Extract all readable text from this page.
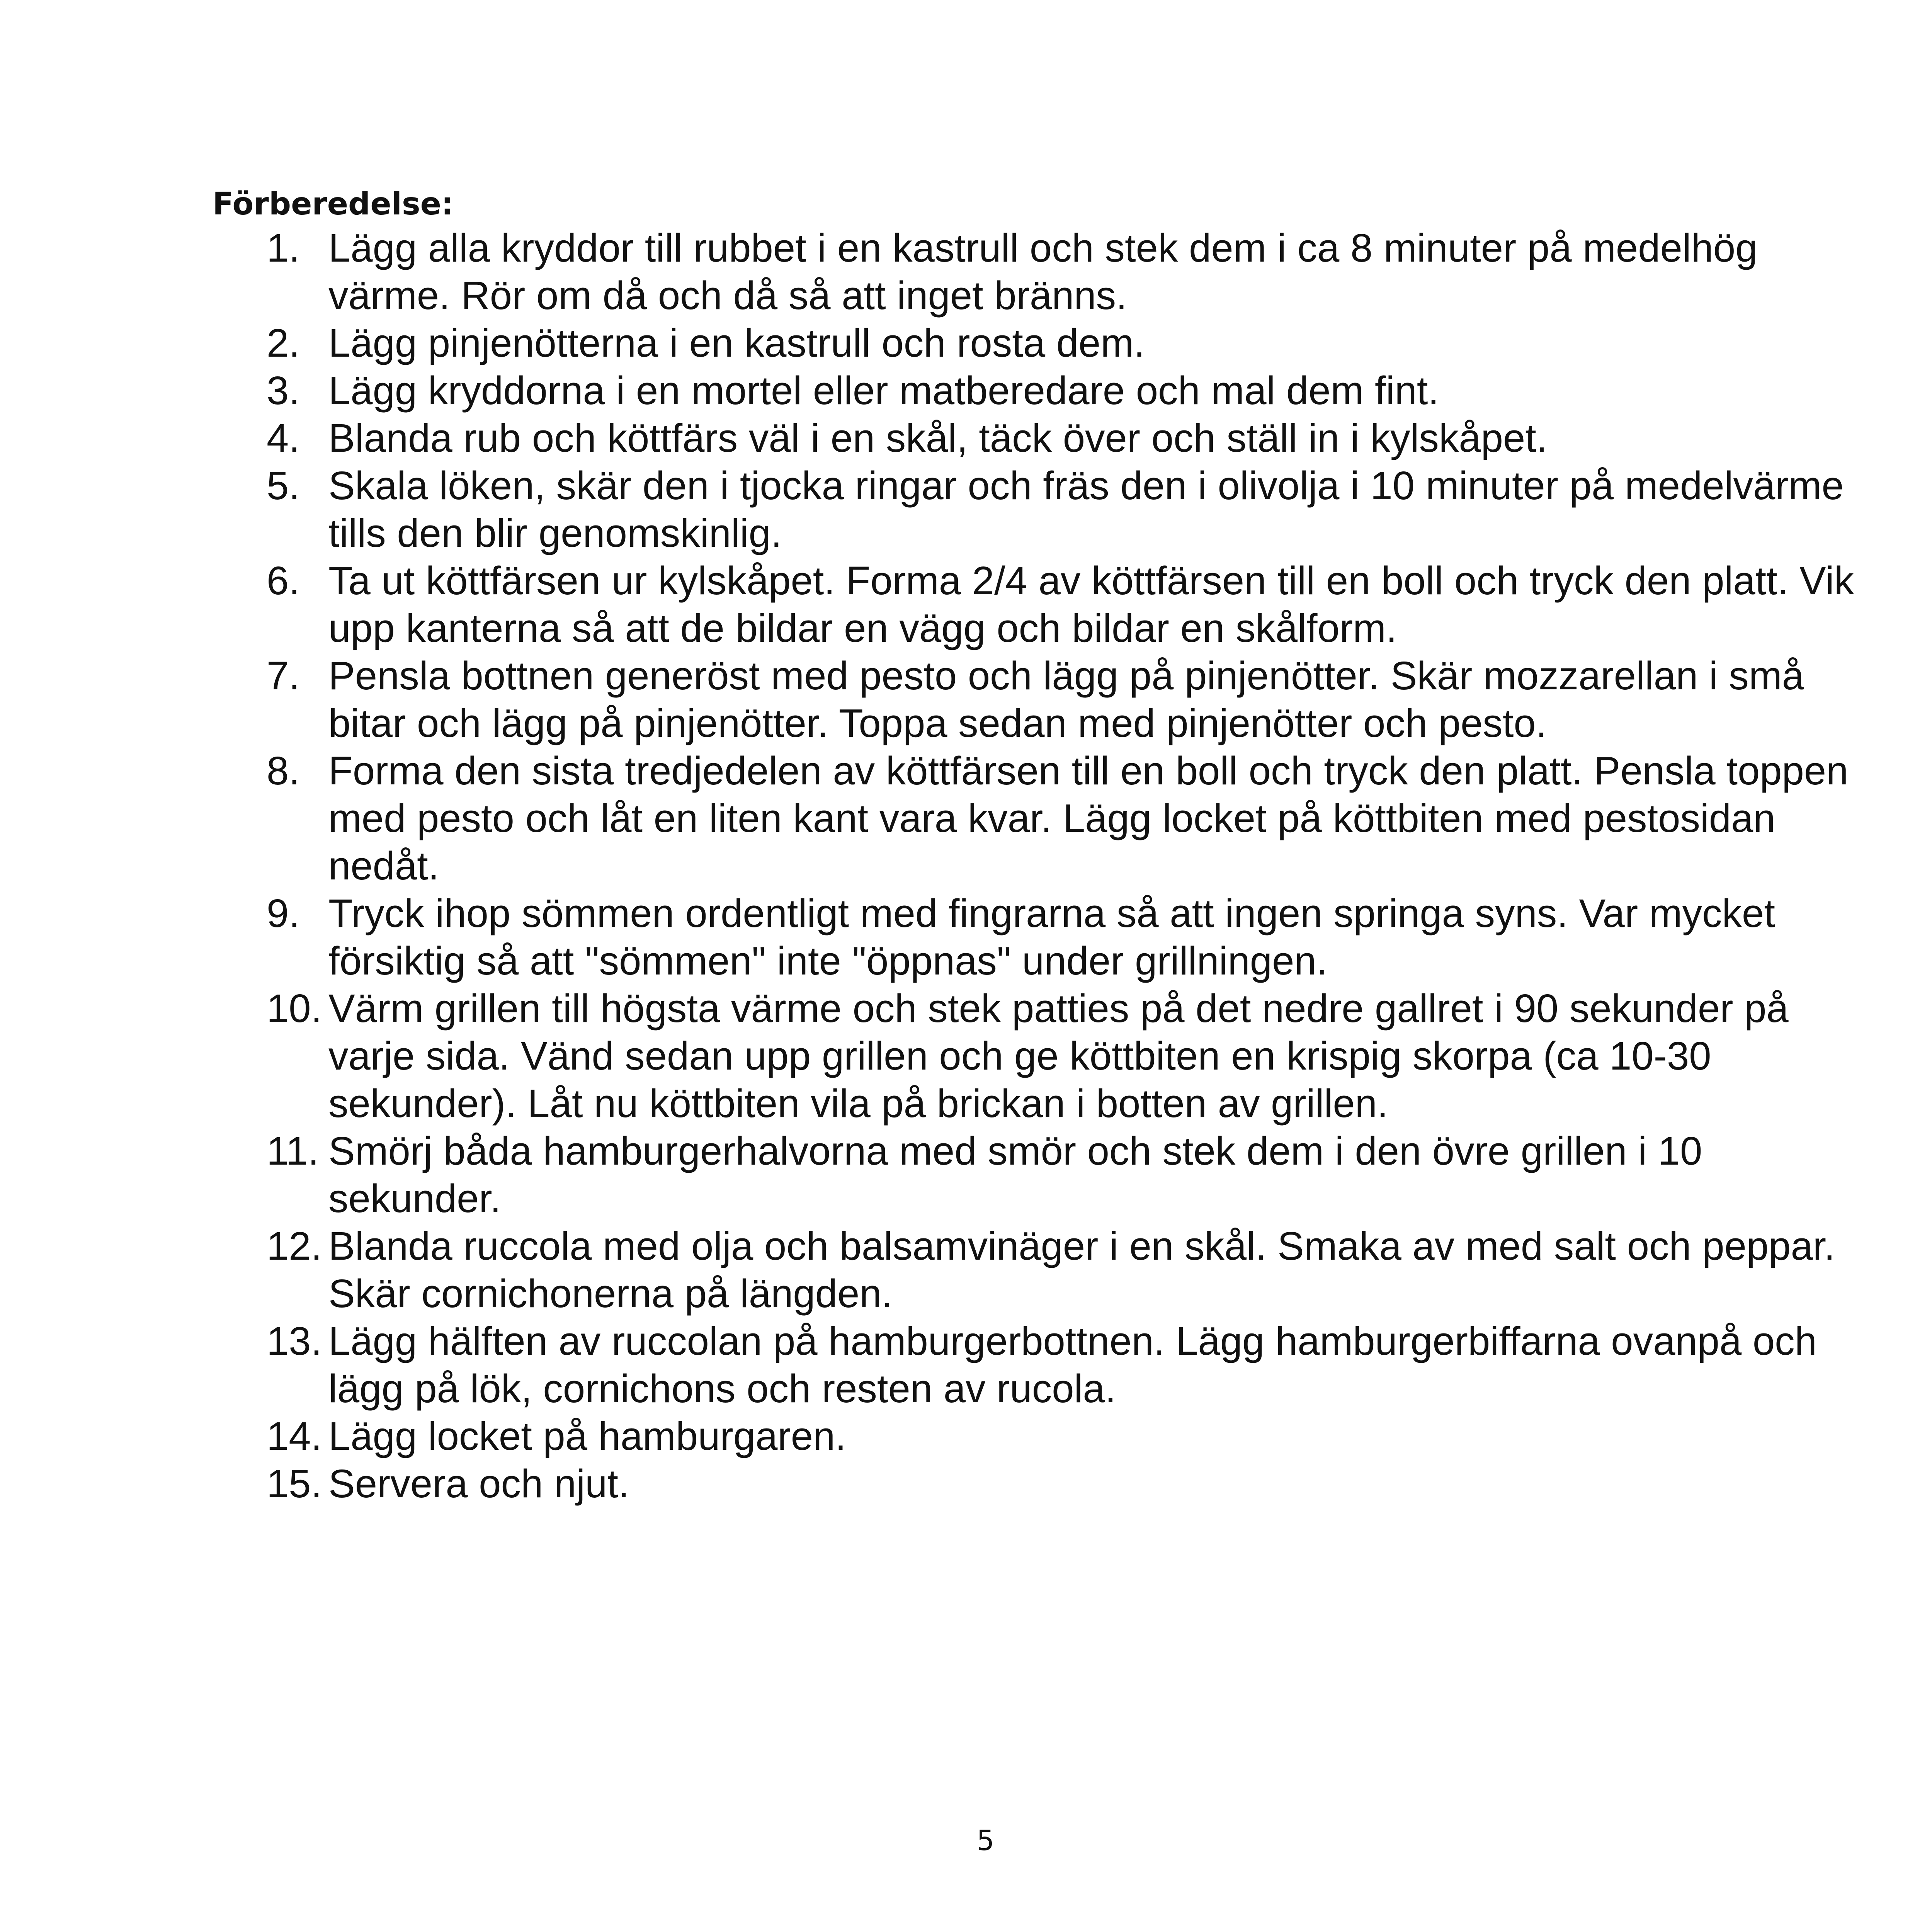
Förberedelse:
1. Lägg alla kryddor till rubbet i en kastrull och stek dem i ca 8 minuter på medelhög värme. Rör om då och då så att inget bränns.
2. Lägg pinjenötterna i en kastrull och rosta dem.
3. Lägg kryddorna i en mortel eller matberedare och mal dem fint.
4. Blanda rub och köttfärs väl i en skål, täck över och ställ in i kylskåpet.
5. Skala löken, skär den i tjocka ringar och fräs den i olivolja i 10 minuter på medelvärme tills den blir genomskinlig.
6. Ta ut köttfärsen ur kylskåpet. Forma 2/4 av köttfärsen till en boll och tryck den platt. Vik upp kanterna så att de bildar en vägg och bildar en skålform.
7. Pensla bottnen generöst med pesto och lägg på pinjenötter. Skär mozzarellan i små bitar och lägg på pinjenötter. Toppa sedan med pinjenötter och pesto.
8. Forma den sista tredjedelen av köttfärsen till en boll och tryck den platt. Pensla toppen med pesto och låt en liten kant vara kvar. Lägg locket på köttbiten med pestosidan nedåt.
9. Tryck ihop sömmen ordentligt med fingrarna så att ingen springa syns. Var mycket försiktig så att "sömmen" inte "öppnas" under grillningen.
10. Värm grillen till högsta värme och stek patties på det nedre gallret i 90 sekunder på varje sida. Vänd sedan upp grillen och ge köttbiten en krispig skorpa (ca 10-30 sekunder). Låt nu köttbiten vila på brickan i botten av grillen.
11. Smörj båda hamburgerhalvorna med smör och stek dem i den övre grillen i 10 sekunder.
12. Blanda ruccola med olja och balsamvinäger i en skål. Smaka av med salt och peppar. Skär cornichonerna på längden.
13. Lägg hälften av ruccolan på hamburgerbottnen. Lägg hamburgerbiffarna ovanpå och lägg på lök, cornichons och resten av rucola.
14. Lägg locket på hamburgaren.
15. Servera och njut.
5
